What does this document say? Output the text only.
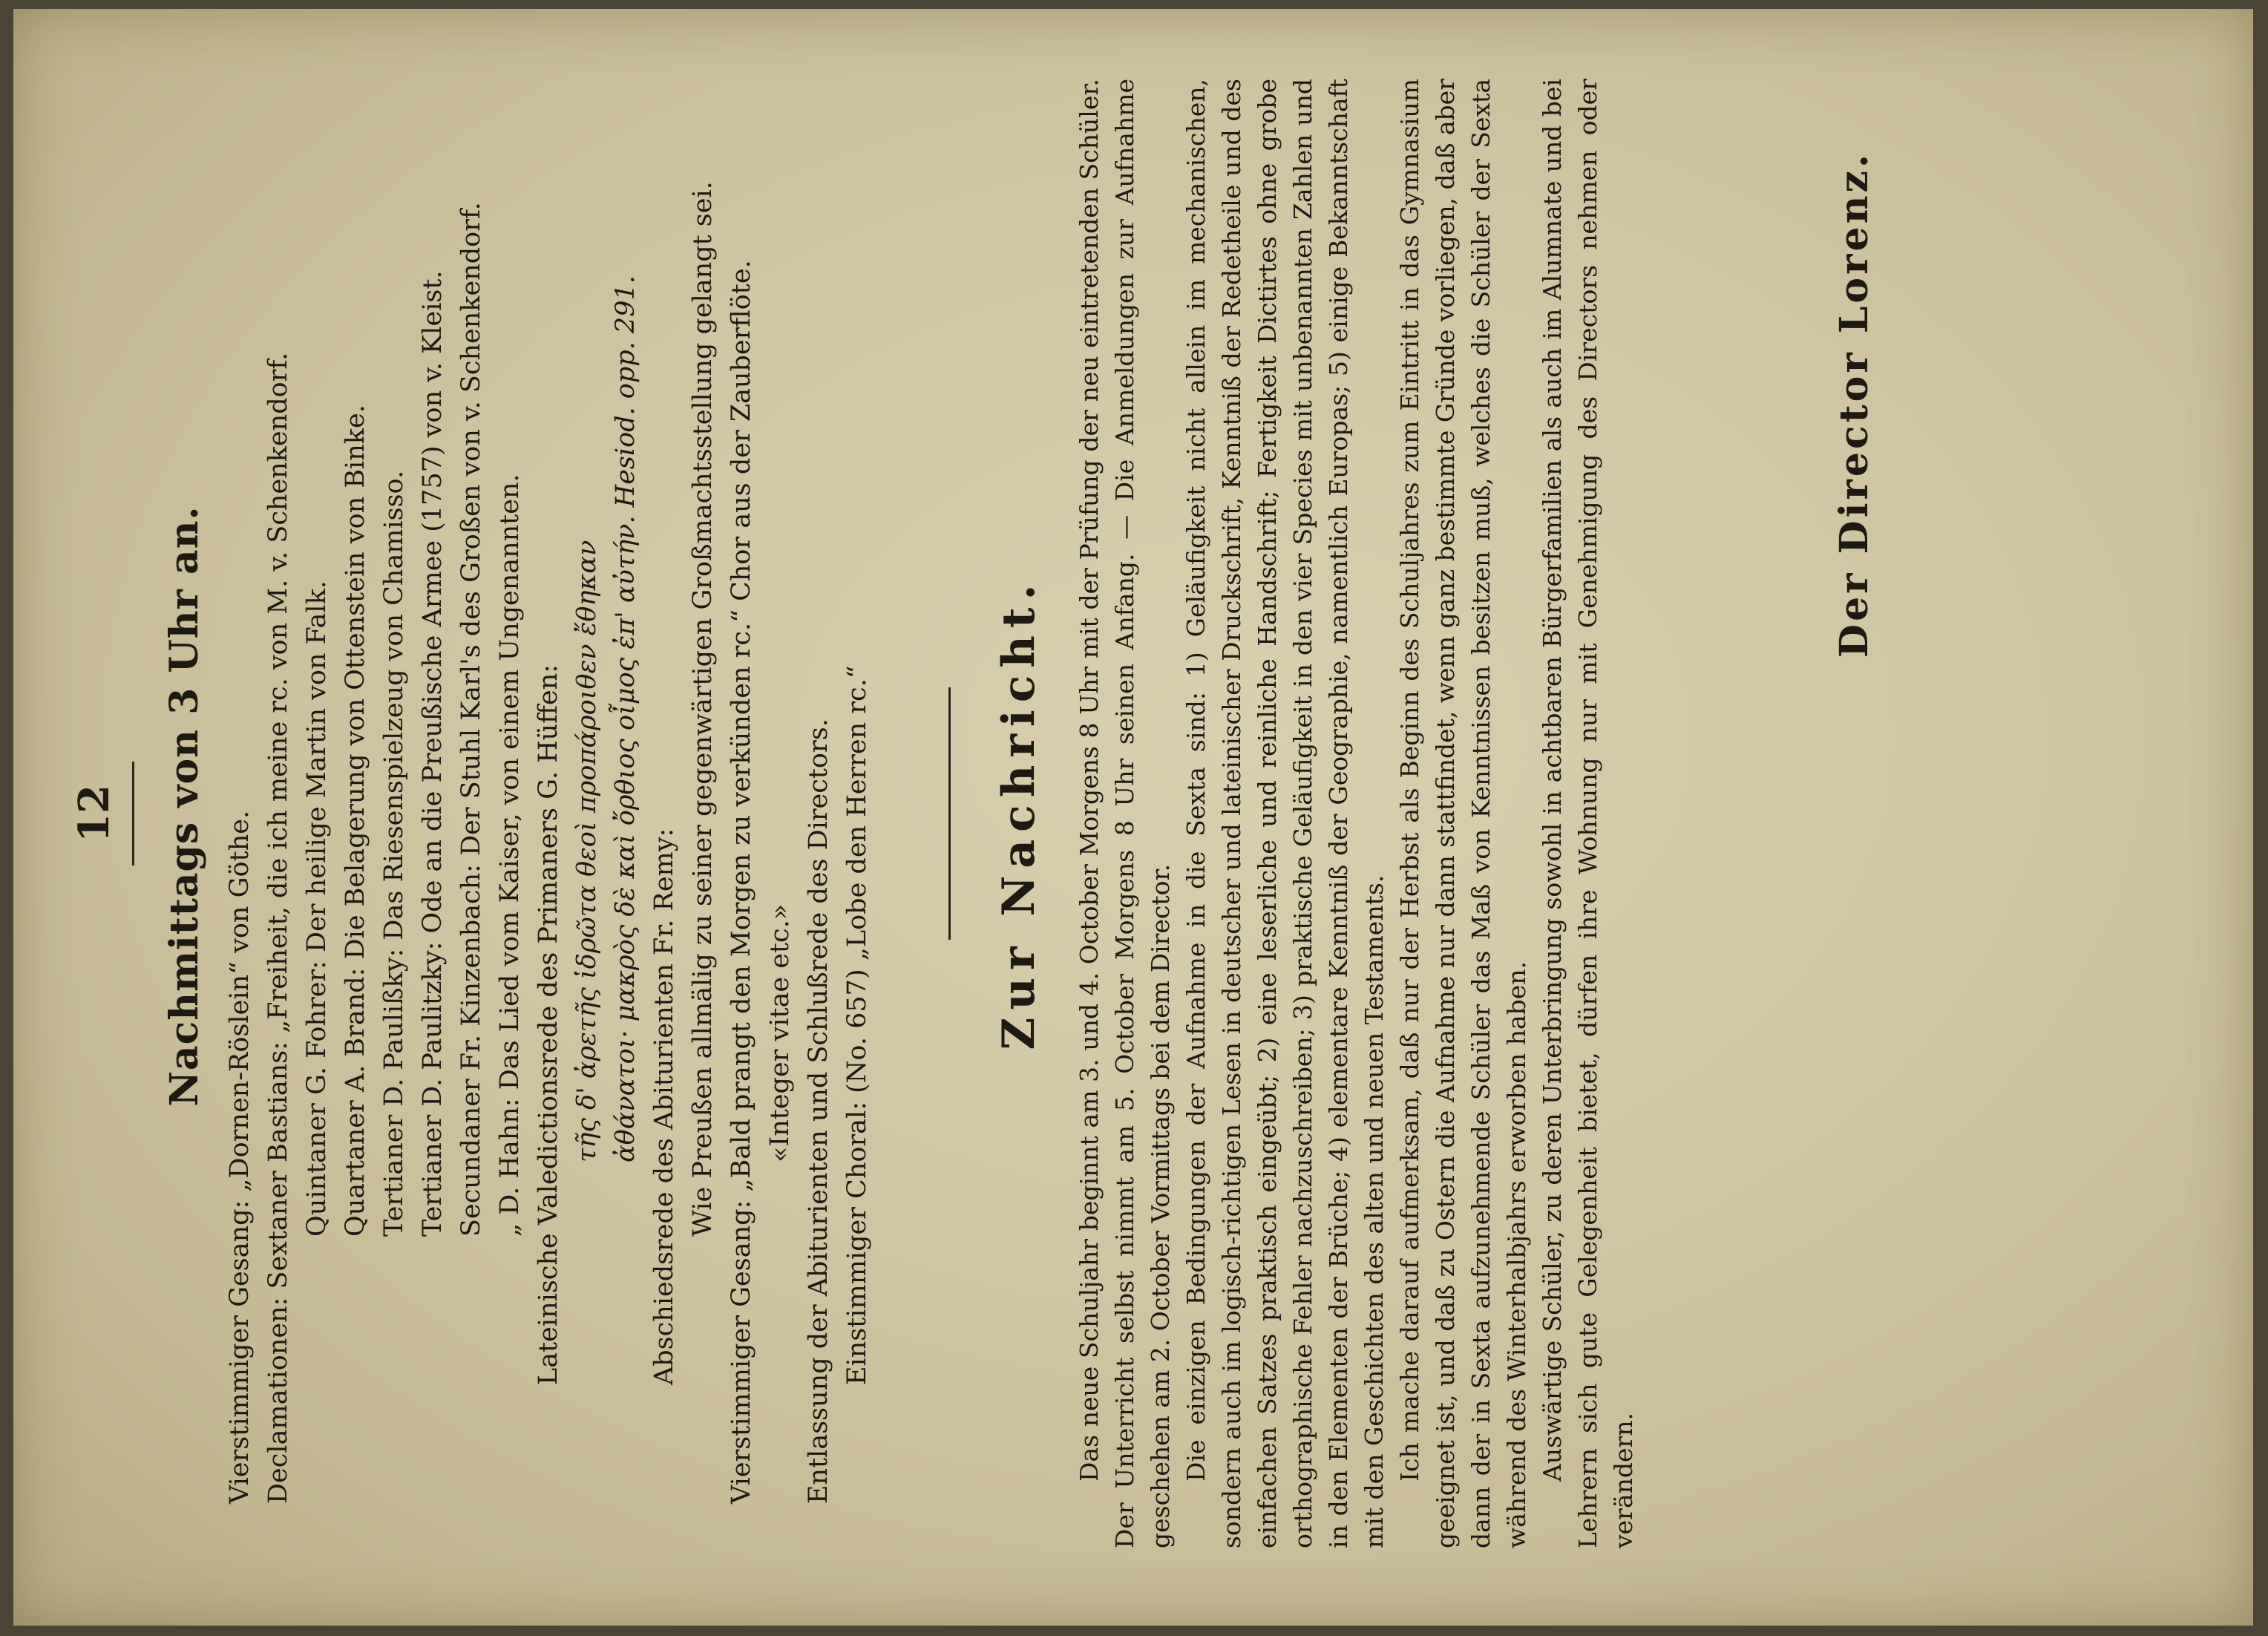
12 Nachmittags von 3 Uhr an.
Vierstimmiger Gesang: „Dornen-Röslein“ von Göthe. Declamationen: Sextaner Bastians: „Freiheit, die ich meine rc. von M. v. Schenkendorf. Quintaner G. Fohrer: Der heilige Martin von Falk. Quartaner A. Brand: Die Belagerung von Ottenstein von Binke. Tertianer D. Paulißky: Das Riesenspielzeug von Chamisso. Tertianer D. Paulitzky: Ode an die Preußische Armee (1757) von v. Kleist. Secundaner Fr. Kinzenbach: Der Stuhl Karl's des Großen von v. Schenkendorf. „ D. Hahn: Das Lied vom Kaiser, von einem Ungenannten. Lateinische Valedictionsrede des Primaners G. Hüffen: τῆς δ' ἀρετῆς ἱδρῶτα θεοὶ προπάροιθεν ἔθηκαν ἀθάνατοι· μακρὸς δὲ καὶ ὄρθιος οἶμος ἐπ' αὐτήν. Hesiod. opp. 291. Abschiedsrede des Abiturienten Fr. Remy: Wie Preußen allmälig zu seiner gegenwärtigen Großmachtsstellung gelangt sei. Vierstimmiger Gesang: „Bald prangt den Morgen zu verkünden rc.“ Chor aus der Zauberflöte. «Integer vitae etc.» Entlassung der Abiturienten und Schlußrede des Directors. Einstimmiger Choral: (No. 657) „Lobe den Herren rc.“	Zur Nachricht. Das neue Schuljahr beginnt am 3. und 4. October Morgens 8 Uhr mit der Prüfung der neu eintretenden Schüler. Der Unterricht selbst nimmt am 5. October Morgens 8 Uhr seinen Anfang. — Die Anmeldungen zur Aufnahme geschehen am 2. October Vormittags bei dem Director. Die einzigen Bedingungen der Aufnahme in die Sexta sind: 1) Geläufigkeit nicht allein im mechanischen, sondern auch im logisch-richtigen Lesen in deutscher und lateinischer Druckschrift, Kenntniß der Redetheile und des einfachen Satzes praktisch eingeübt; 2) eine leserliche und reinliche Handschrift; Fertigkeit Dictirtes ohne grobe orthographische Fehler nachzuschreiben; 3) praktische Geläufigkeit in den vier Species mit unbenannten Zahlen und in den Elementen der Brüche; 4) elementare Kenntniß der Geographie, namentlich Europas; 5) einige Bekanntschaft mit den Geschichten des alten und neuen Testaments. Ich mache darauf aufmerksam, daß nur der Herbst als Beginn des Schuljahres zum Eintritt in das Gymnasium geeignet ist, und daß zu Ostern die Aufnahme nur dann stattfindet, wenn ganz bestimmte Gründe vorliegen, daß aber dann der in Sexta aufzunehmende Schüler das Maß von Kenntnissen besitzen muß, welches die Schüler der Sexta während des Winterhalbjahrs erworben haben. Auswärtige Schüler, zu deren Unterbringung sowohl in achtbaren Bürgerfamilien als auch im Alumnate und bei Lehrern sich gute Gelegenheit bietet, dürfen ihre Wohnung nur mit Genehmigung des Directors nehmen oder verändern.

Der Director Lorenz.
